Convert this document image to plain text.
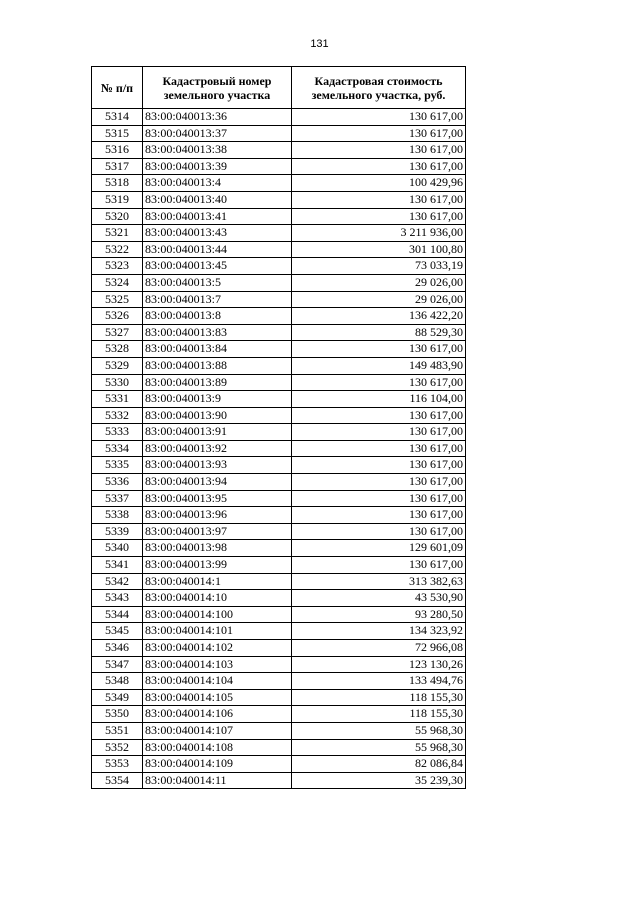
131
№ п/п	Кадастровый номер земельного участка	Кадастровая стоимость земельного участка, руб.
5314	83:00:040013:36	130 617,00
5315	83:00:040013:37	130 617,00
5316	83:00:040013:38	130 617,00
5317	83:00:040013:39	130 617,00
5318	83:00:040013:4	100 429,96
5319	83:00:040013:40	130 617,00
5320	83:00:040013:41	130 617,00
5321	83:00:040013:43	3 211 936,00
5322	83:00:040013:44	301 100,80
5323	83:00:040013:45	73 033,19
5324	83:00:040013:5	29 026,00
5325	83:00:040013:7	29 026,00
5326	83:00:040013:8	136 422,20
5327	83:00:040013:83	88 529,30
5328	83:00:040013:84	130 617,00
5329	83:00:040013:88	149 483,90
5330	83:00:040013:89	130 617,00
5331	83:00:040013:9	116 104,00
5332	83:00:040013:90	130 617,00
5333	83:00:040013:91	130 617,00
5334	83:00:040013:92	130 617,00
5335	83:00:040013:93	130 617,00
5336	83:00:040013:94	130 617,00
5337	83:00:040013:95	130 617,00
5338	83:00:040013:96	130 617,00
5339	83:00:040013:97	130 617,00
5340	83:00:040013:98	129 601,09
5341	83:00:040013:99	130 617,00
5342	83:00:040014:1	313 382,63
5343	83:00:040014:10	43 530,90
5344	83:00:040014:100	93 280,50
5345	83:00:040014:101	134 323,92
5346	83:00:040014:102	72 966,08
5347	83:00:040014:103	123 130,26
5348	83:00:040014:104	133 494,76
5349	83:00:040014:105	118 155,30
5350	83:00:040014:106	118 155,30
5351	83:00:040014:107	55 968,30
5352	83:00:040014:108	55 968,30
5353	83:00:040014:109	82 086,84
5354	83:00:040014:11	35 239,30
